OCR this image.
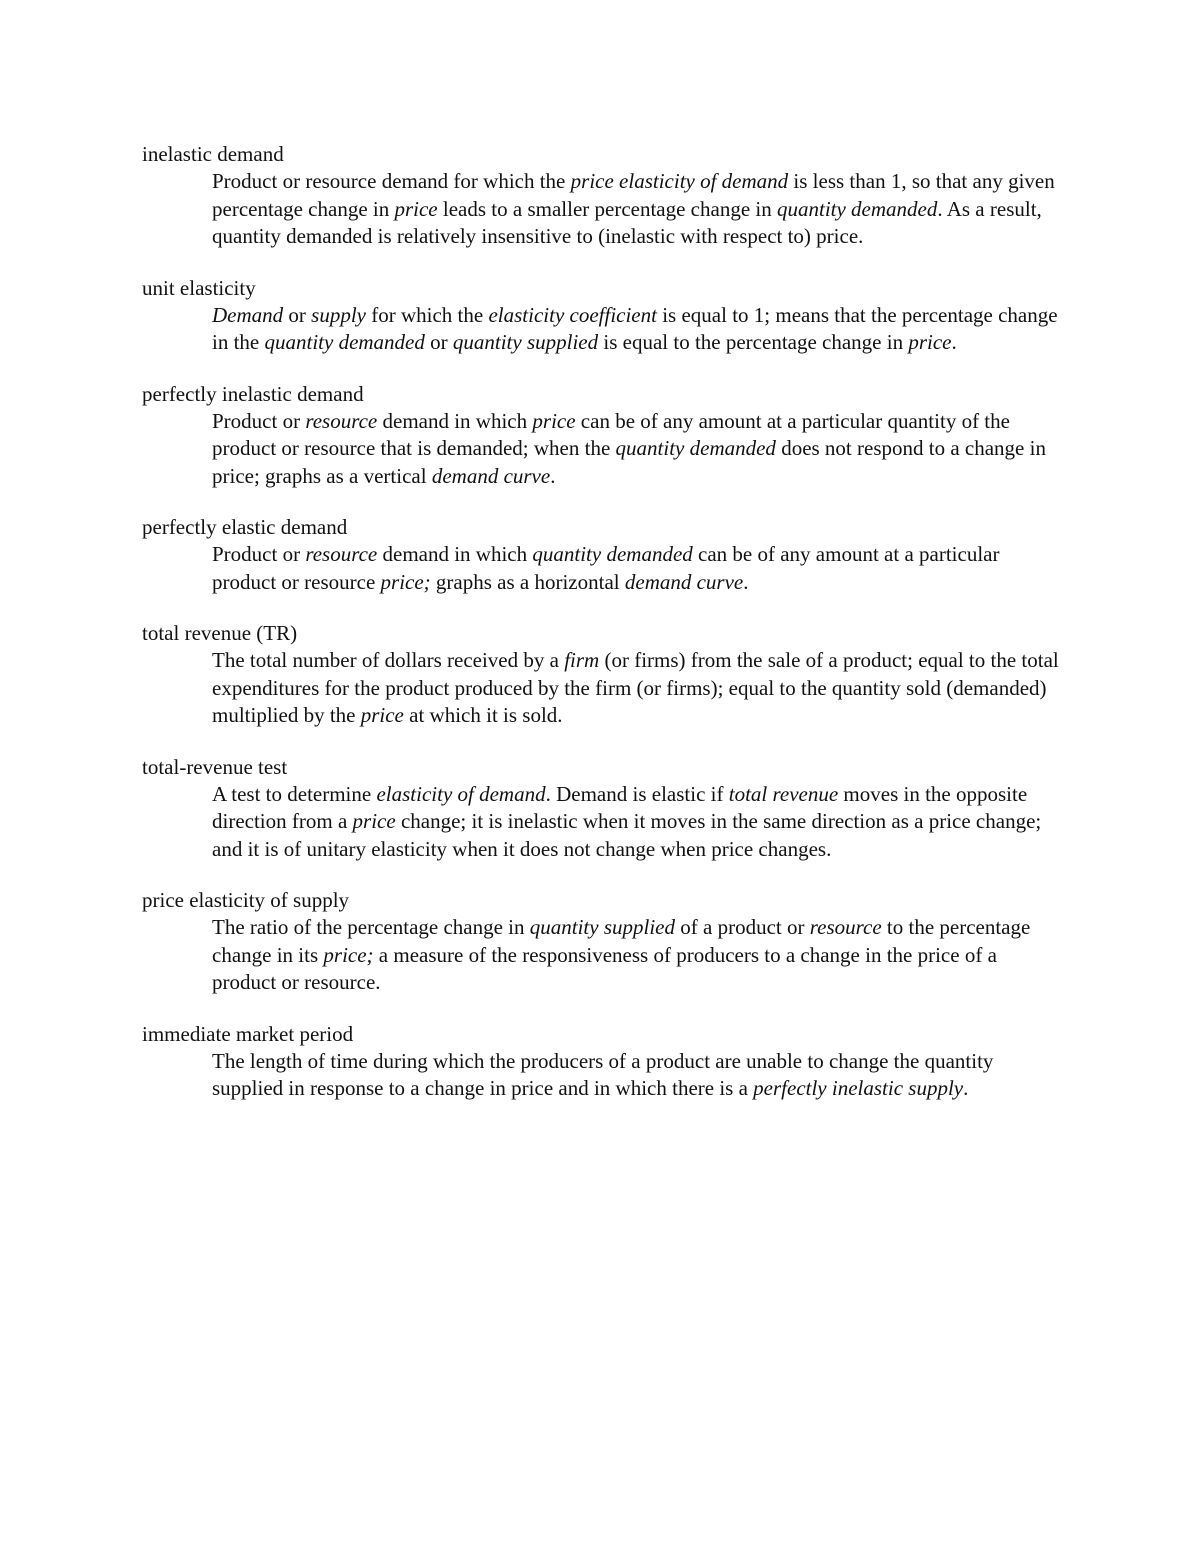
inelastic demand

Product or resource demand for which the price elasticity of demand is less than 1, so that any given percentage change in price leads to a smaller percentage change in quantity demanded. As a result, quantity demanded is relatively insensitive to (inelastic with respect to) price.

unit elasticity

Demand or supply for which the elasticity coefficient is equal to 1; means that the percentage change in the quantity demanded or quantity supplied is equal to the percentage change in price.

perfectly inelastic demand

Product or resource demand in which price can be of any amount at a particular quantity of the product or resource that is demanded; when the quantity demanded does not respond to a change in price; graphs as a vertical demand curve.

perfectly elastic demand

Product or resource demand in which quantity demanded can be of any amount at a particular product or resource price; graphs as a horizontal demand curve.

total revenue (TR)

The total number of dollars received by a firm (or firms) from the sale of a product; equal to the total expenditures for the product produced by the firm (or firms); equal to the quantity sold (demanded) multiplied by the price at which it is sold.

total-revenue test

A test to determine elasticity of demand. Demand is elastic if total revenue moves in the opposite direction from a price change; it is inelastic when it moves in the same direction as a price change; and it is of unitary elasticity when it does not change when price changes.

price elasticity of supply

The ratio of the percentage change in quantity supplied of a product or resource to the percentage change in its price; a measure of the responsiveness of producers to a change in the price of a product or resource.

immediate market period

The length of time during which the producers of a product are unable to change the quantity supplied in response to a change in price and in which there is a perfectly inelastic supply.
